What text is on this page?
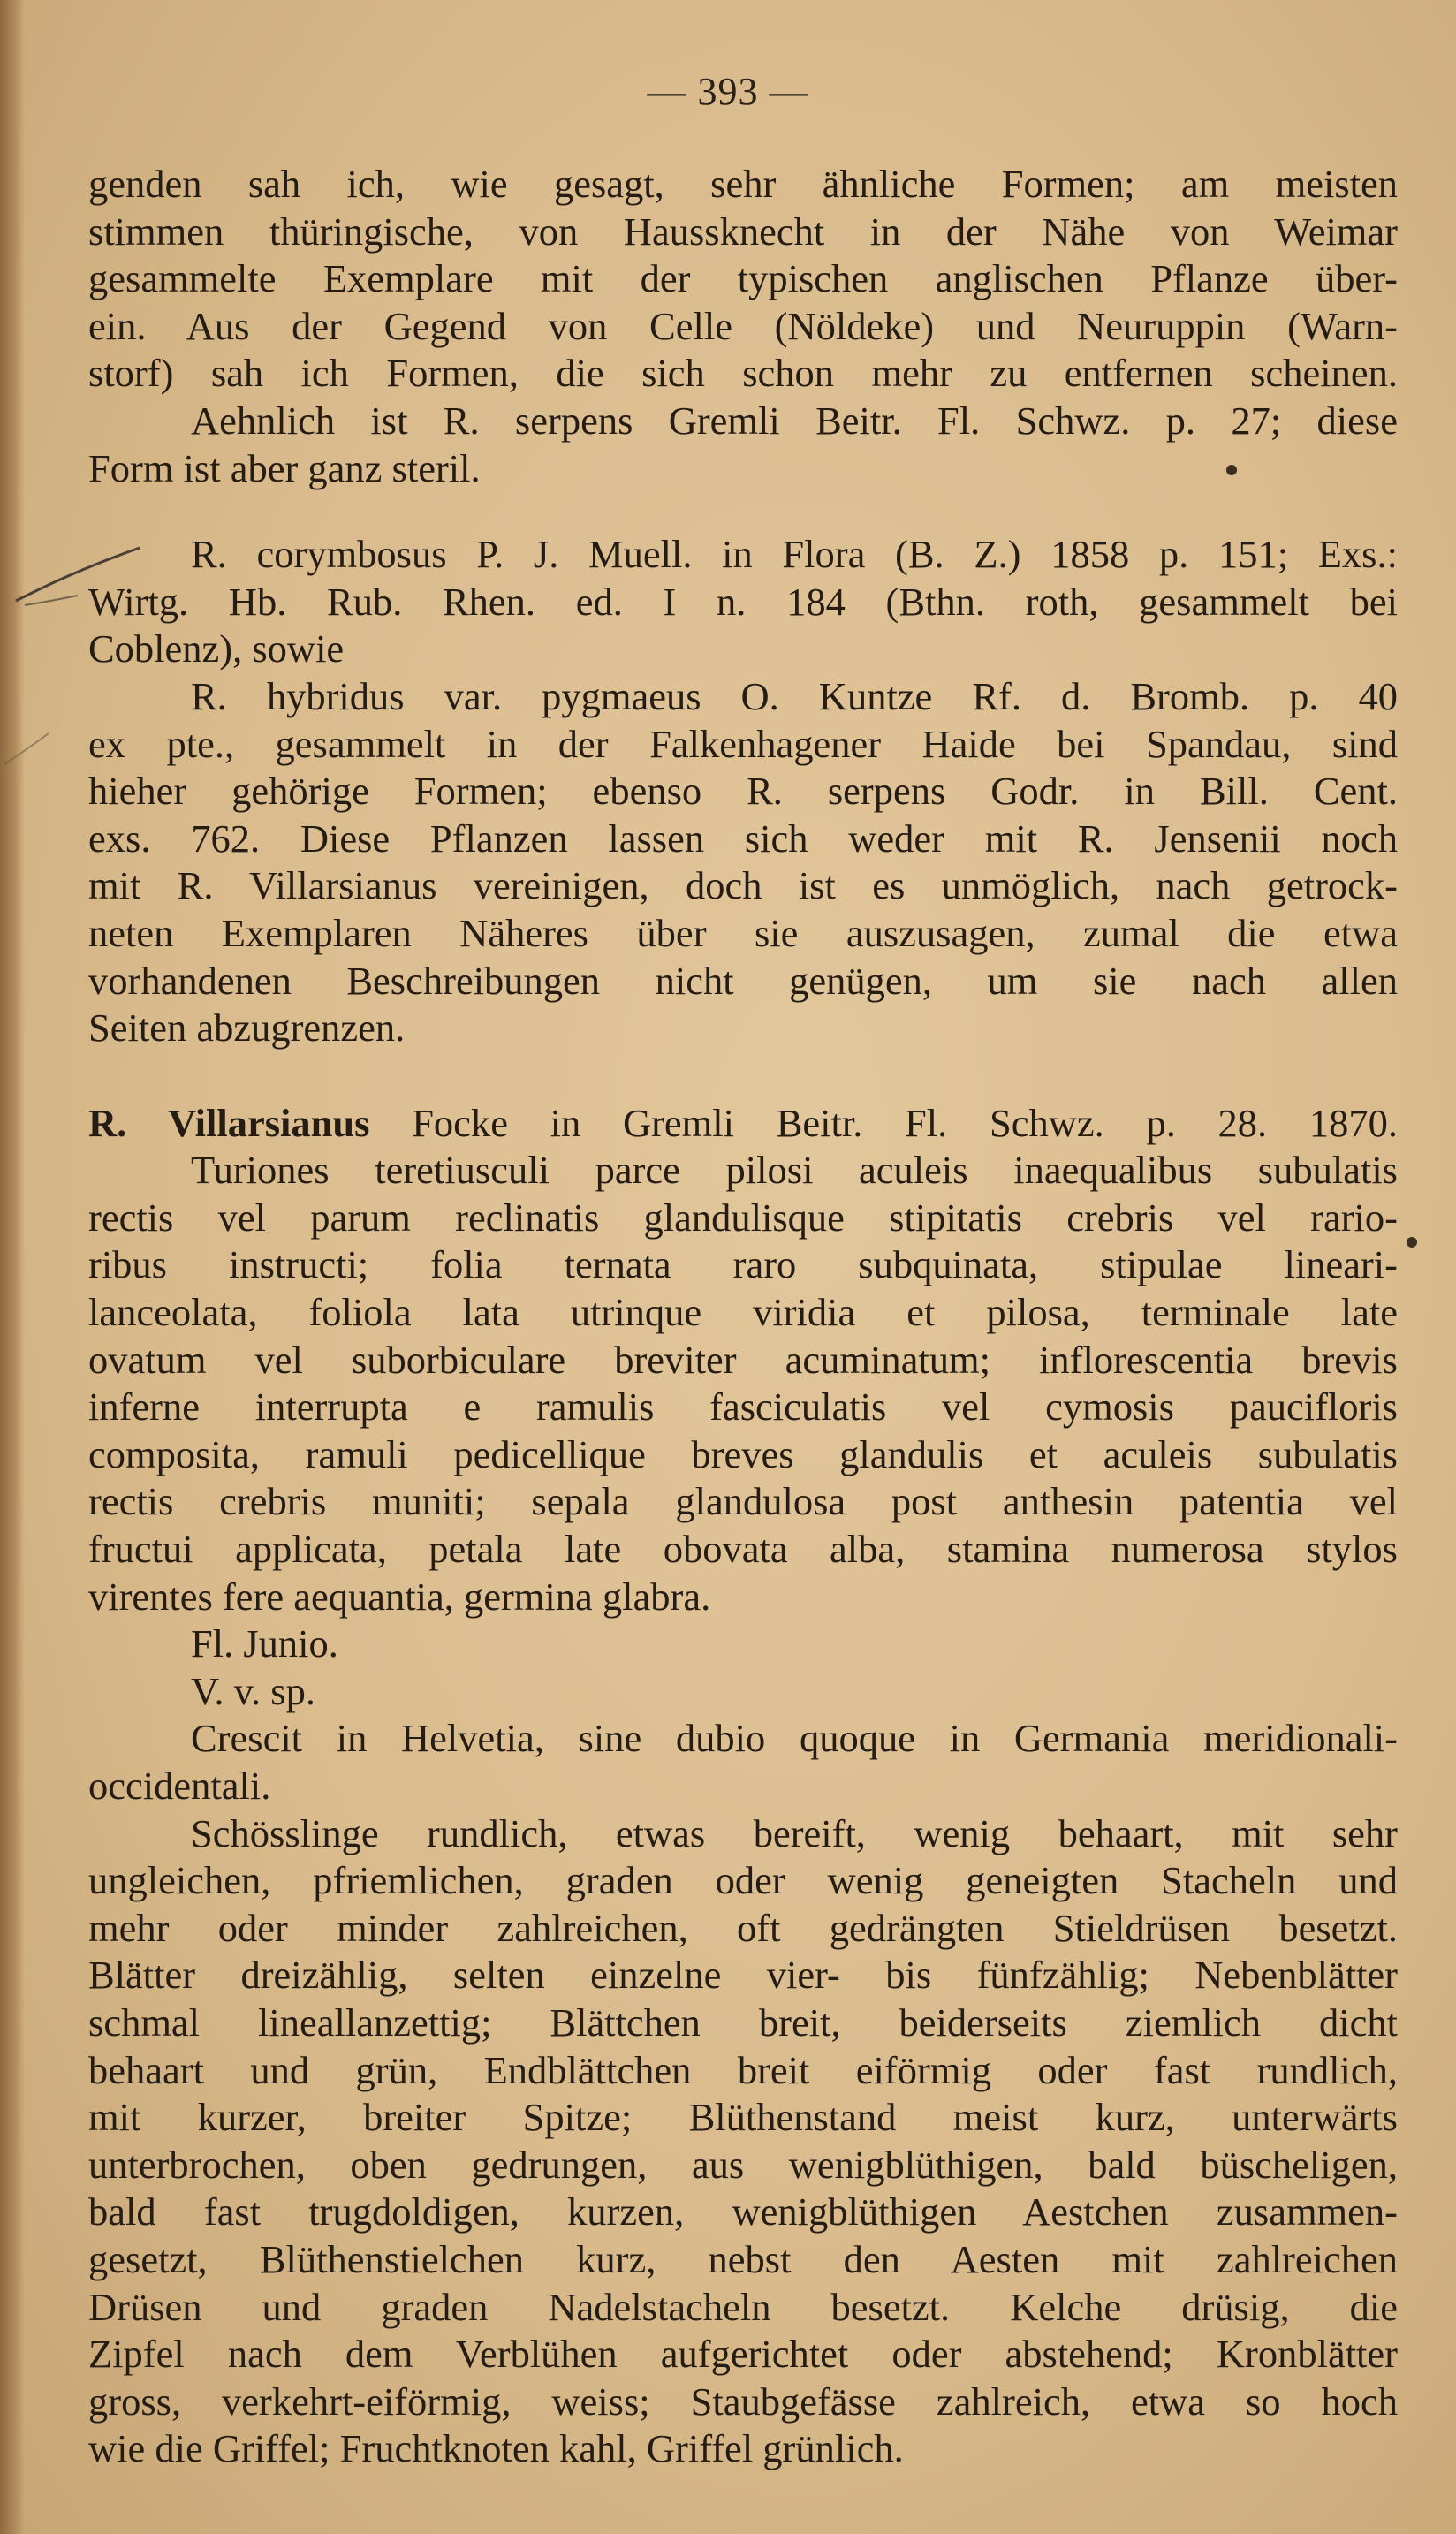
— 393 —
genden sah ich, wie gesagt, sehr ähnliche Formen; am meisten
stimmen thüringische, von Haussknecht in der Nähe von Weimar
gesammelte Exemplare mit der typischen anglischen Pflanze über-
ein. Aus der Gegend von Celle (Nöldeke) und Neuruppin (Warn-
storf) sah ich Formen, die sich schon mehr zu entfernen scheinen.
Aehnlich ist R. serpens Gremli Beitr. Fl. Schwz. p. 27; diese
Form ist aber ganz steril.
R. corymbosus P. J. Muell. in Flora (B. Z.) 1858 p. 151; Exs.:
Wirtg. Hb. Rub. Rhen. ed. I n. 184 (Bthn. roth, gesammelt bei
Coblenz), sowie
R. hybridus var. pygmaeus O. Kuntze Rf. d. Bromb. p. 40
ex pte., gesammelt in der Falkenhagener Haide bei Spandau, sind
hieher gehörige Formen; ebenso R. serpens Godr. in Bill. Cent.
exs. 762. Diese Pflanzen lassen sich weder mit R. Jensenii noch
mit R. Villarsianus vereinigen, doch ist es unmöglich, nach getrock-
neten Exemplaren Näheres über sie auszusagen, zumal die etwa
vorhandenen Beschreibungen nicht genügen, um sie nach allen
Seiten abzugrenzen.
R. Villarsianus Focke in Gremli Beitr. Fl. Schwz. p. 28. 1870.
Turiones teretiusculi parce pilosi aculeis inaequalibus subulatis
rectis vel parum reclinatis glandulisque stipitatis crebris vel rario-
ribus instructi; folia ternata raro subquinata, stipulae lineari-
lanceolata, foliola lata utrinque viridia et pilosa, terminale late
ovatum vel suborbiculare breviter acuminatum; inflorescentia brevis
inferne interrupta e ramulis fasciculatis vel cymosis paucifloris
composita, ramuli pedicellique breves glandulis et aculeis subulatis
rectis crebris muniti; sepala glandulosa post anthesin patentia vel
fructui applicata, petala late obovata alba, stamina numerosa stylos
virentes fere aequantia, germina glabra.
Fl. Junio.
V. v. sp.
Crescit in Helvetia, sine dubio quoque in Germania meridionali-
occidentali.
Schösslinge rundlich, etwas bereift, wenig behaart, mit sehr
ungleichen, pfriemlichen, graden oder wenig geneigten Stacheln und
mehr oder minder zahlreichen, oft gedrängten Stieldrüsen besetzt.
Blätter dreizählig, selten einzelne vier- bis fünfzählig; Nebenblätter
schmal lineallanzettig; Blättchen breit, beiderseits ziemlich dicht
behaart und grün, Endblättchen breit eiförmig oder fast rundlich,
mit kurzer, breiter Spitze; Blüthenstand meist kurz, unterwärts
unterbrochen, oben gedrungen, aus wenigblüthigen, bald büscheligen,
bald fast trugdoldigen, kurzen, wenigblüthigen Aestchen zusammen-
gesetzt, Blüthenstielchen kurz, nebst den Aesten mit zahlreichen
Drüsen und graden Nadelstacheln besetzt. Kelche drüsig, die
Zipfel nach dem Verblühen aufgerichtet oder abstehend; Kronblätter
gross, verkehrt-eiförmig, weiss; Staubgefässe zahlreich, etwa so hoch
wie die Griffel; Fruchtknoten kahl, Griffel grünlich.
